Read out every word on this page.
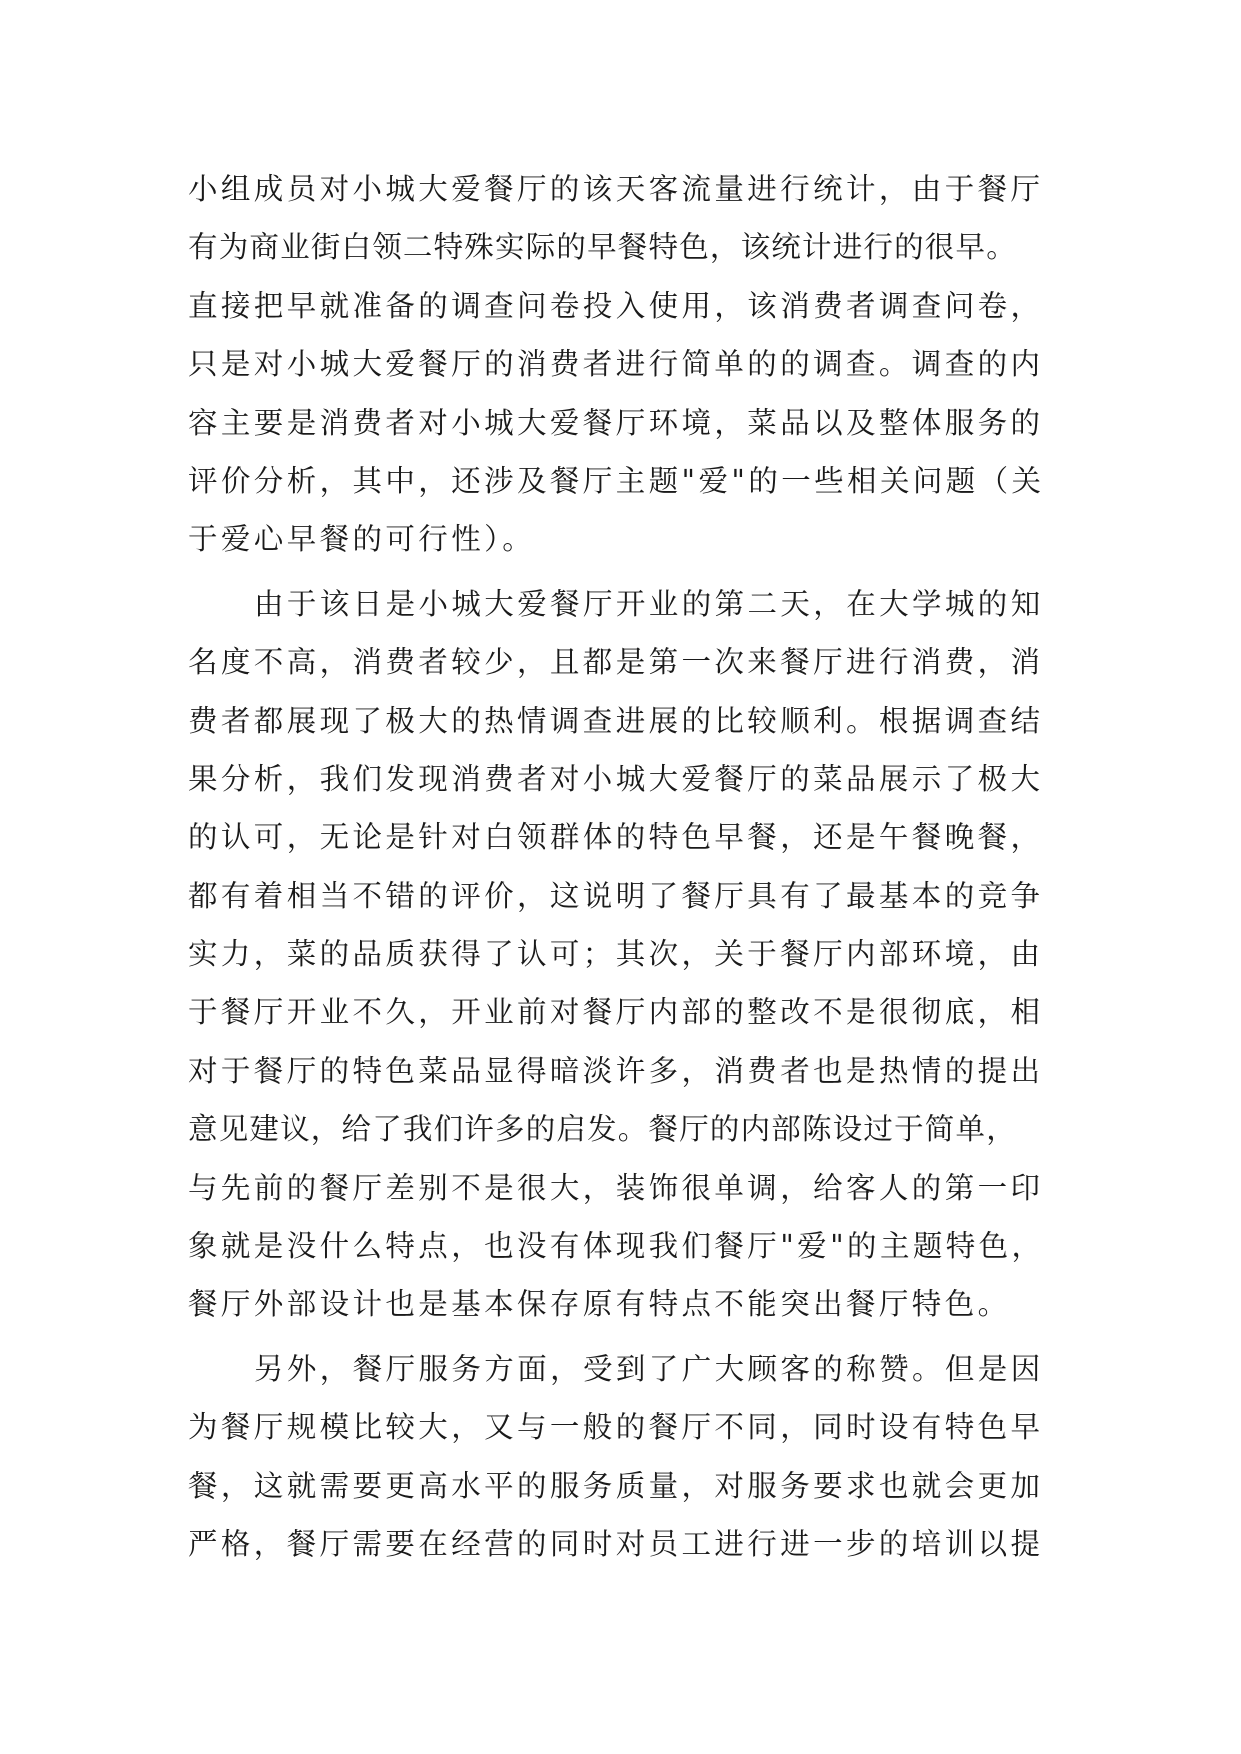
小组成员对小城大爱餐厅的该天客流量进行统计，由于餐厅
有为商业街白领二特殊实际的早餐特色，该统计进行的很早。
直接把早就准备的调查问卷投入使用，该消费者调查问卷，
只是对小城大爱餐厅的消费者进行简单的的调查。调查的内
容主要是消费者对小城大爱餐厅环境，菜品以及整体服务的
评价分析，其中，还涉及餐厅主题"爱"的一些相关问题（关
于爱心早餐的可行性）。
由于该日是小城大爱餐厅开业的第二天，在大学城的知
名度不高，消费者较少，且都是第一次来餐厅进行消费，消
费者都展现了极大的热情调查进展的比较顺利。根据调查结
果分析，我们发现消费者对小城大爱餐厅的菜品展示了极大
的认可，无论是针对白领群体的特色早餐，还是午餐晚餐，
都有着相当不错的评价，这说明了餐厅具有了最基本的竞争
实力，菜的品质获得了认可；其次，关于餐厅内部环境，由
于餐厅开业不久，开业前对餐厅内部的整改不是很彻底，相
对于餐厅的特色菜品显得暗淡许多，消费者也是热情的提出
意见建议，给了我们许多的启发。餐厅的内部陈设过于简单，
与先前的餐厅差别不是很大，装饰很单调，给客人的第一印
象就是没什么特点，也没有体现我们餐厅"爱"的主题特色，
餐厅外部设计也是基本保存原有特点不能突出餐厅特色。
另外，餐厅服务方面，受到了广大顾客的称赞。但是因
为餐厅规模比较大，又与一般的餐厅不同，同时设有特色早
餐，这就需要更高水平的服务质量，对服务要求也就会更加
严格，餐厅需要在经营的同时对员工进行进一步的培训以提
